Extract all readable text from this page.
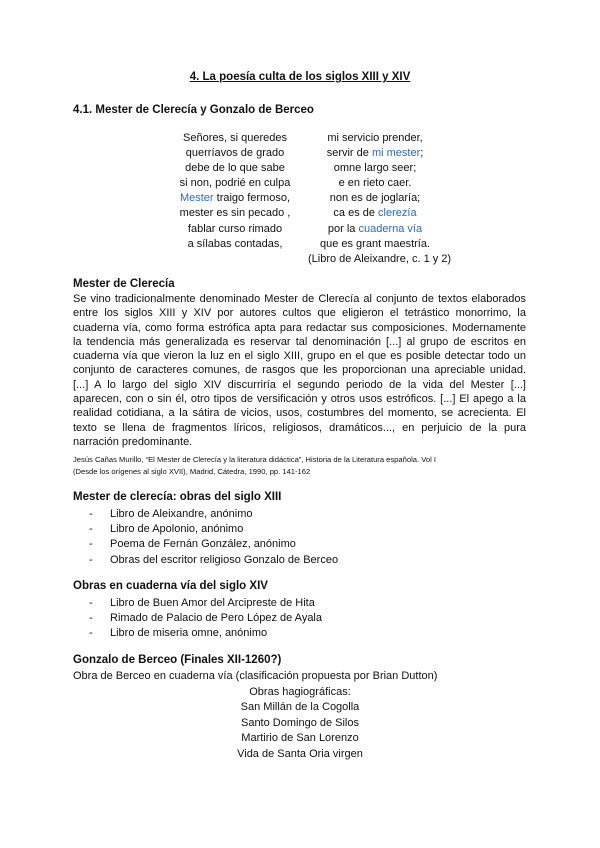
4. La poesía culta de los siglos XIII y XIV
4.1. Mester de Clerecía y Gonzalo de Berceo
Señores, si queredes
querríavos de grado
debe de lo que sabe
si non, podrié en culpa
Mester traigo fermoso,
mester es sin pecado ,
fablar curso rimado
a sílabas contadas,
mi servicio prender,
servir de mi mester;
omne largo seer;
e en rieto caer.
non es de joglaría;
ca es de clerezía
por la cuaderna vía
que es grant maestría.
(Libro de Aleixandre, c. 1 y 2)
Mester de Clerecía
Se vino tradicionalmente denominado Mester de Clerecía al conjunto de textos elaborados
entre los siglos XIII y XIV por autores cultos que eligieron el tetrástico monorrimo, la
cuaderna vía, como forma estrófica apta para redactar sus composiciones. Modernamente
la tendencia más generalizada es reservar tal denominación [...] al grupo de escritos en
cuaderna vía que vieron la luz en el siglo XIII, grupo en el que es posible detectar todo un
conjunto de caracteres comunes, de rasgos que les proporcionan una apreciable unidad.
[...] A lo largo del siglo XIV discurriría el segundo periodo de la vida del Mester [...]
aparecen, con o sin él, otro tipos de versificación y otros usos estróficos. [...] El apego a la
realidad cotidiana, a la sátira de vicios, usos, costumbres del momento, se acrecienta. El
texto se llena de fragmentos líricos, religiosos, dramáticos..., en perjuicio de la pura
narración predominante.
Jesús Cañas Murillo, “El Mester de Clerecía y la literatura didáctica”, Historia de la Literatura española. Vol I
(Desde los orígenes al siglo XVII), Madrid, Cátedra, 1990, pp. 141-162
Mester de clerecía: obras del siglo XIII
- Libro de Aleixandre, anónimo
- Libro de Apolonio, anónimo
- Poema de Fernán González, anónimo
- Obras del escritor religioso Gonzalo de Berceo
Obras en cuaderna vía del siglo XIV
- Libro de Buen Amor del Arcipreste de Hita
- Rimado de Palacio de Pero López de Ayala
- Libro de miseria omne, anónimo
Gonzalo de Berceo (Finales XII-1260?)
Obra de Berceo en cuaderna vía (clasificación propuesta por Brian Dutton)
Obras hagiográficas:
San Millán de la Cogolla
Santo Domingo de Silos
Martirio de San Lorenzo
Vida de Santa Oria virgen
